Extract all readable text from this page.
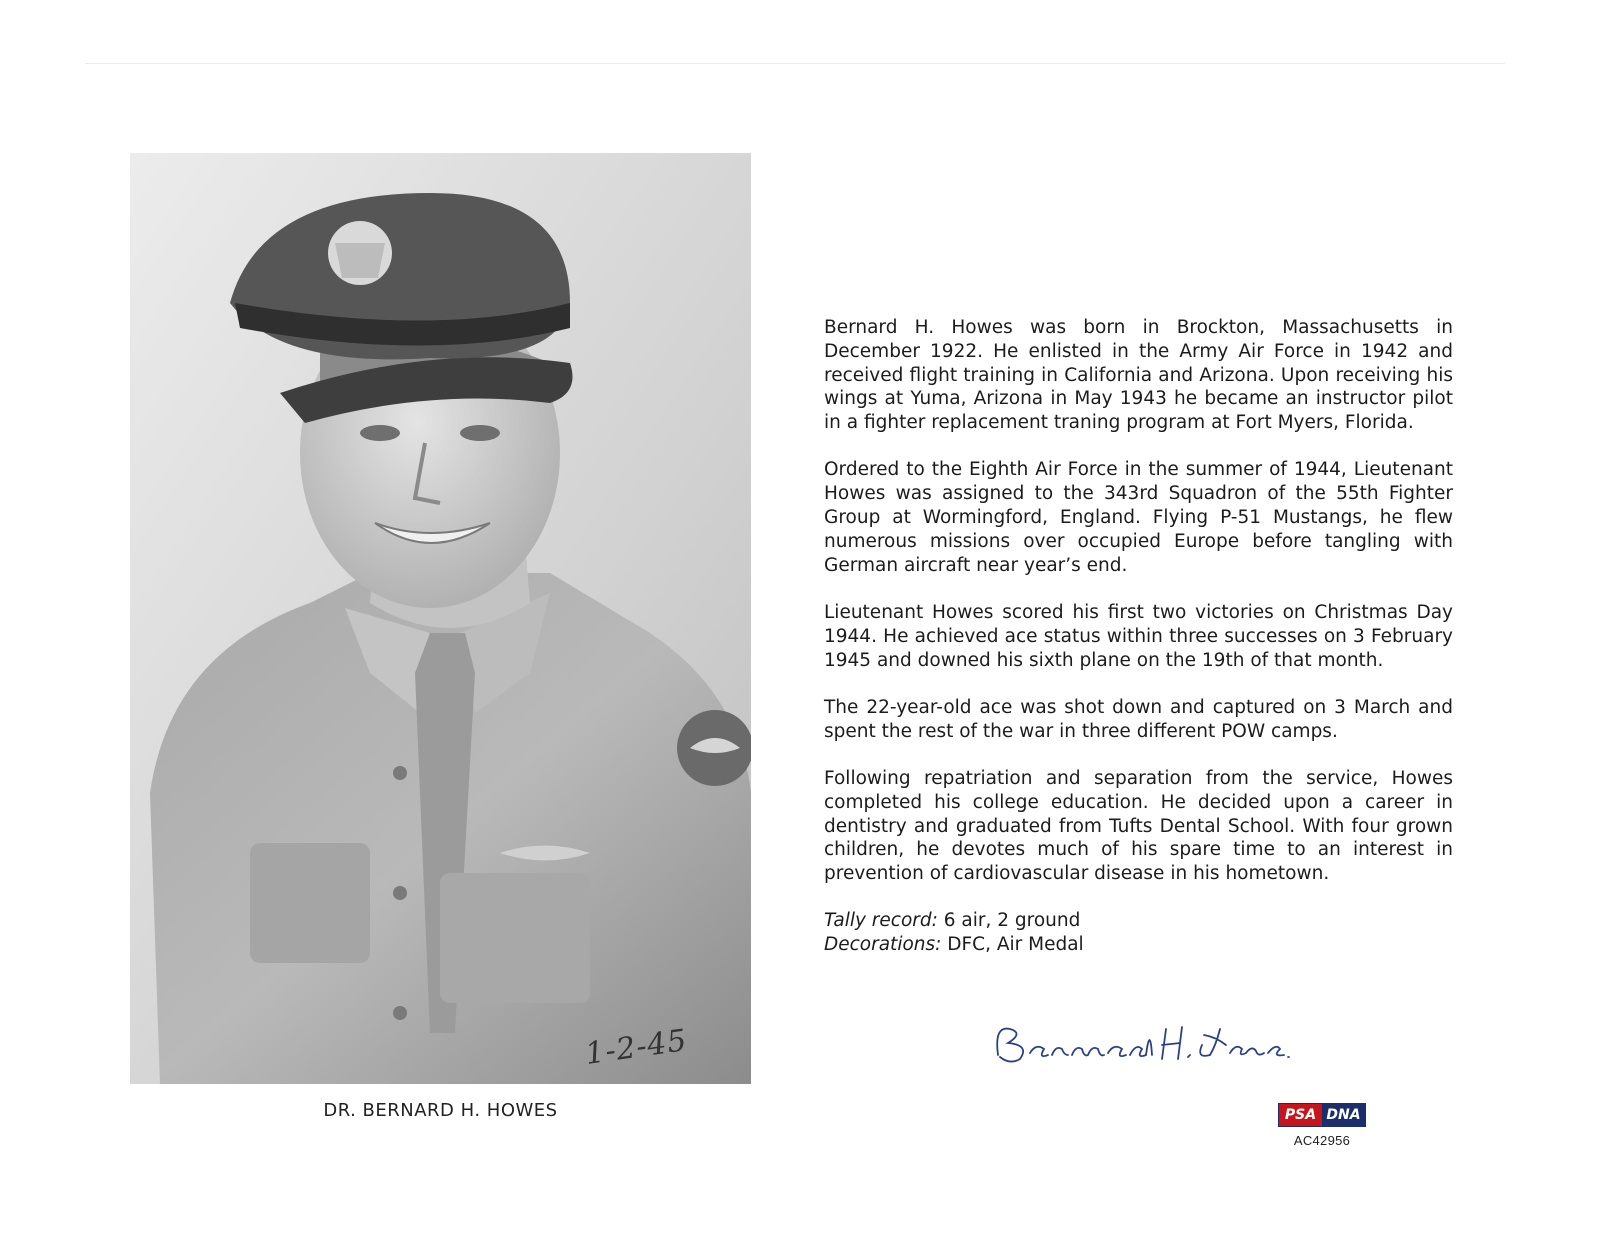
1-2-45
DR. BERNARD H. HOWES

Bernard H. Howes was born in Brockton, Massachusetts in December 1922. He enlisted in the Army Air Force in 1942 and received flight training in California and Arizona. Upon receiving his wings at Yuma, Arizona in May 1943 he became an instructor pilot in a fighter replacement traning program at Fort Myers, Florida.

Ordered to the Eighth Air Force in the summer of 1944, Lieutenant Howes was assigned to the 343rd Squadron of the 55th Fighter Group at Wormingford, England. Flying P-51 Mustangs, he flew numerous missions over occupied Europe before tangling with German aircraft near year’s end.

Lieutenant Howes scored his first two victories on Christmas Day 1944. He achieved ace status within three successes on 3 February 1945 and downed his sixth plane on the 19th of that month.

The 22-year-old ace was shot down and captured on 3 March and spent the rest of the war in three different POW camps.

Following repatriation and separation from the service, Howes completed his college education. He decided upon a career in dentistry and graduated from Tufts Dental School. With four grown children, he devotes much of his spare time to an interest in prevention of cardiovascular disease in his hometown.

Tally record: 6 air, 2 ground
Decorations: DFC, Air Medal
PSA DNA
AC42956
